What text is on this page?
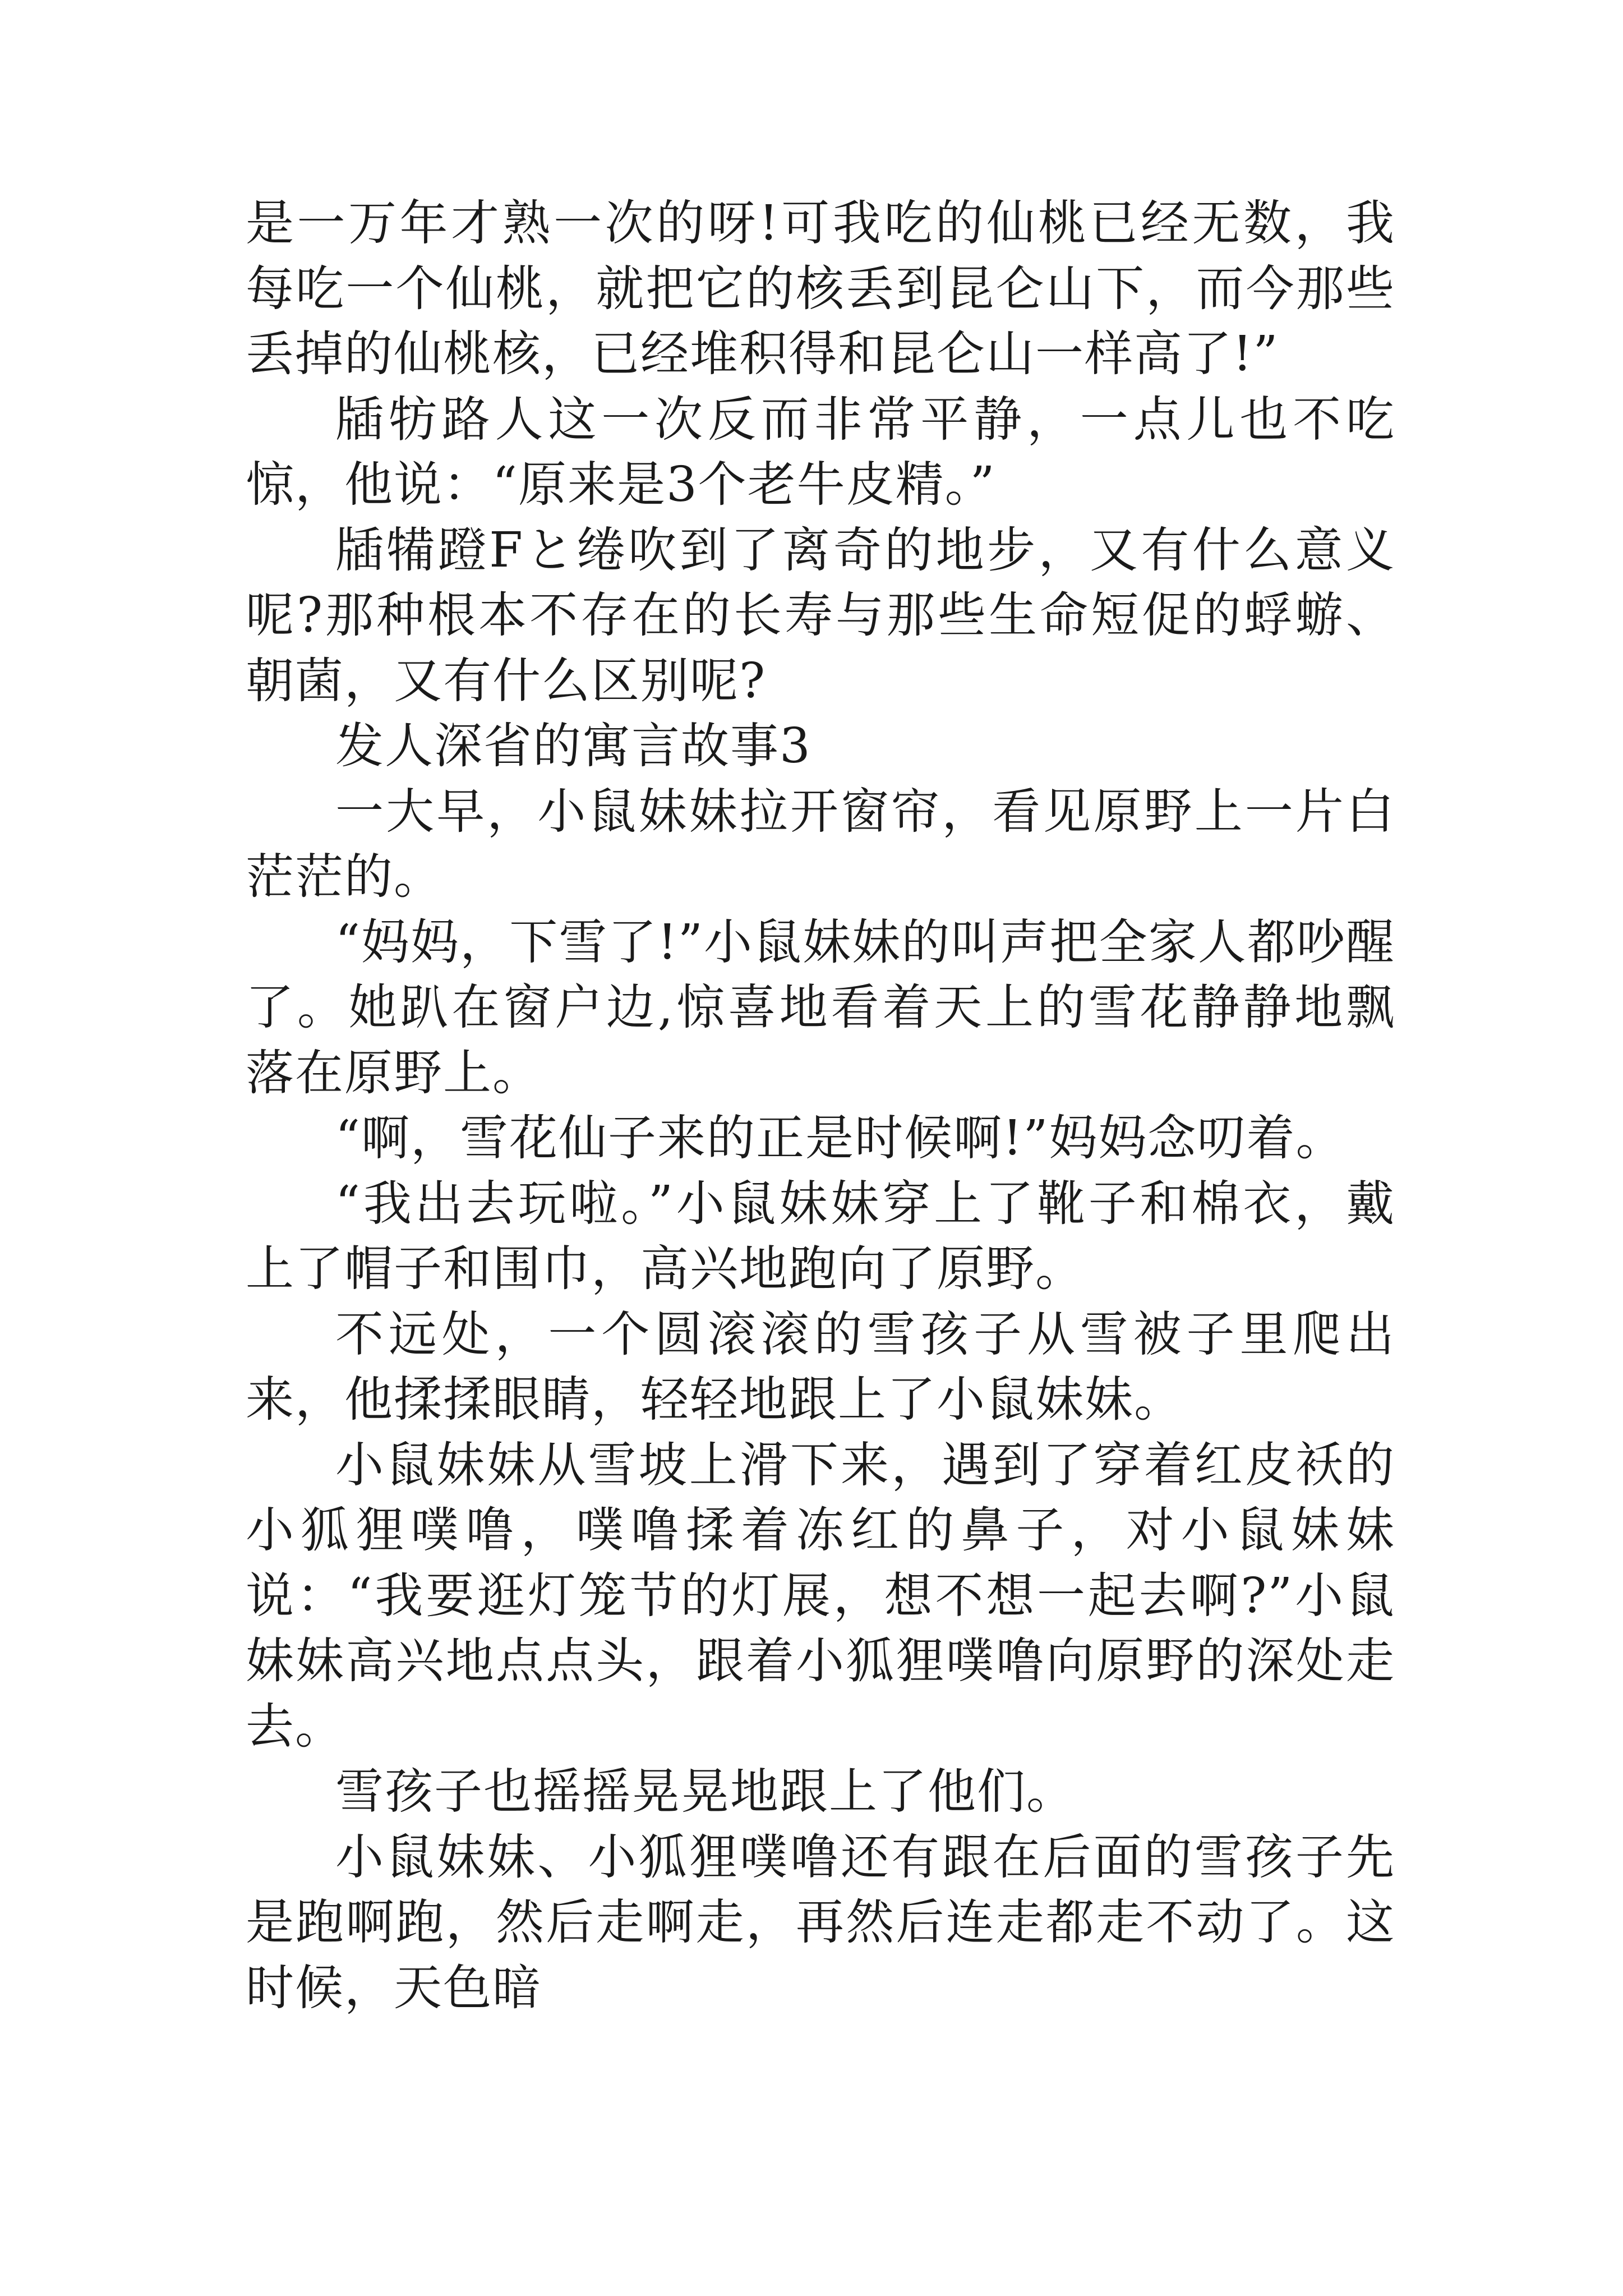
是一万年才熟一次的呀!可我吃的仙桃已经无数，我每吃一个仙桃，就把它的核丢到昆仑山下，而今那些丢掉的仙桃核，已经堆积得和昆仑山一样高了!”

牐牥路人这一次反而非常平静，一点儿也不吃惊，他说：“原来是3个老牛皮精。”

牐犕蹬Fと绻吹到了离奇的地步，又有什么意义呢?那种根本不存在的长寿与那些生命短促的蜉蝣、朝菌，又有什么区别呢?

发人深省的寓言故事3

一大早，小鼠妹妹拉开窗帘，看见原野上一片白茫茫的。

“妈妈，下雪了!”小鼠妹妹的叫声把全家人都吵醒了。她趴在窗户边,惊喜地看着天上的雪花静静地飘落在原野上。

“啊，雪花仙子来的正是时候啊!”妈妈念叨着。

“我出去玩啦。”小鼠妹妹穿上了靴子和棉衣，戴上了帽子和围巾，高兴地跑向了原野。

不远处，一个圆滚滚的雪孩子从雪被子里爬出来，他揉揉眼睛，轻轻地跟上了小鼠妹妹。

小鼠妹妹从雪坡上滑下来，遇到了穿着红皮袄的小狐狸噗噜，噗噜揉着冻红的鼻子，对小鼠妹妹说：“我要逛灯笼节的灯展，想不想一起去啊?”小鼠妹妹高兴地点点头，跟着小狐狸噗噜向原野的深处走去。

雪孩子也摇摇晃晃地跟上了他们。

小鼠妹妹、小狐狸噗噜还有跟在后面的雪孩子先是跑啊跑，然后走啊走，再然后连走都走不动了。这时候，天色暗
